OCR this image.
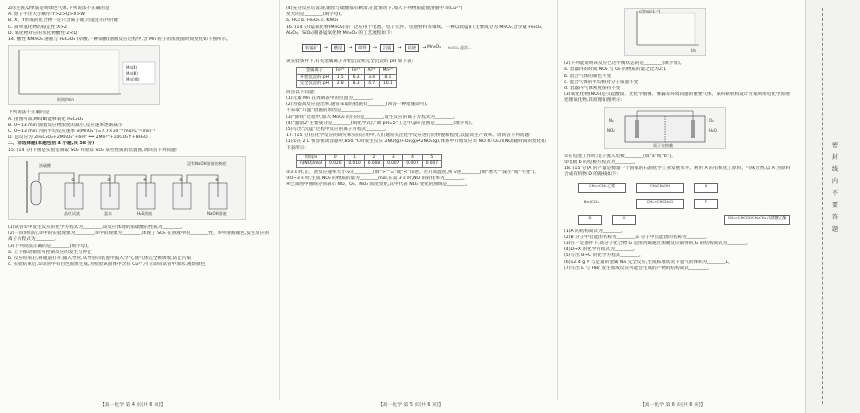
Z同主族,Q单质是黄绿色气体,下列说法不正确的是

A. 原子半径大小顺序:Y>Z>Q>X>W

B. X、Y形成的化合物一定只含离子键,可能还有共价键

C. 简单氢化物的稳定性:X>Z

D. 氧化物对应的水化物酸性:Z<Q

14. 酸性 KMnO₄ 溶液与 H₂C₂O₄ (草酸,一种弱酸)溶液反应过程中,含 Mn 粒子的浓度随时间变化如下图所示。

时间/min
Mn(Ⅱ)
Mn(Ⅲ)
Mn(Ⅶ)

下列说法不正确的是

A. 由图可知,Mn(Ⅲ)能够氧化 H₂C₂O₄

B. 0~13 min 随着反应物浓度的减小,反应速率逐渐减小

C. 0~13 min 内的平均反应速率 v(MnO₄⁻)=7.7×10⁻⁴ mol·L⁻¹·min⁻¹

D. 总反应为 2H₂C₂O₄+2MnO₄⁻+6H⁺ ══ 2Mn²⁺+10CO₂↑+8H₂O

二、非选择题(本题包括 4 小题,共 58 分)

15. (14 分)下图是实验室制取 SO₂ 并验证 SO₂ 某些性质的装置图,请回答下列问题:

浓硫酸
品红试液	氯水	H₂S溶液	NaOH溶液
②	③	④	⑤	⑥
浸有NaOH溶液的棉花

(1)试管①中发生反应的化学方程式为________,该反应体现的浓硫酸的性质为________。

(2)一段时间后,③中的实验现象为________,⑤中的现象为________,体现了 SO₂ 在溶液中的________性。⑤中溶液褪色,发生反应的离子方程式为________。

(3)下列说法正确的是________(填字母)。

a. 上下移动铜丝可控制反应的发生与停止

b. 反应结束后,将通道打开,插入导管,从导管向装置中鼓入空气,使气体完全被吸收,防止污染

c. 实验结束后,①试管中有白色固体生成,为检验该固体中含有 Cu²⁺,可立即向试管中加水,观察颜色

【高一化学 第 4 页(共 6 页)】

(4)充分反应后发现,铜丝与硫酸都有剩余,在此情况下,加入下列物质能使溶液中 n(Cu²⁺)

变大的是________(填字母)。

a. HCl b. Fe₂O₃ c. KNO₃

16. (14 分)锰氧化物(MnO₂)等广泛应用于电池、电子元件、电池材料等领域。一种以软锰矿(主要成分为 MnO₂,含少量 Fe₂O₃、Al₂O₃、SiO₂)制备锰氧化物 Mn₃O₄ 的工艺流程如下:

软锰矿	→	酸浸	→	除铁	→	沉锰	→	焙烧	→ Mn₃O₄ H₂SO₄ 滤渣…

该实验条件下,有关金属离子开始沉淀和完全沉淀的 pH 如下表:

金属离子	Fe³⁺	Fe²⁺	Al³⁺	Mn²⁺
开始沉淀的 pH	1.5	6.3	3.4	8.1
完全沉淀的 pH	2.8	8.3	4.7	10.1

回答以下问题:

(1)元素 Mn 在周期表中的位置为________。

(2)为提高反应浸出率,通常采取的措施有________(回答一种措施即可),

不采取“升温”措施的原因是________。

(3)“除铁”过程中,加入 MnO₂ 的目的是________,发生反应的离子方程式为________。

(4)“滤渣2”主要成分是________(填化学式),“调 pH=5”工艺中,pH 范围是________(填字母)。

(5)写出“沉锰”过程中反应的离子方程式________。

17. (15 分)在化学反应的研究和实际应用中,人们通常关注化学反应进行的快慢和程度,以提高生产效率。请回答下列问题:

(1)①在 2 L 恒容密闭容器中,850 ℃时发生反应 2NO(g)+O₂(g)⇌2NO₂(g),体系中开始反应有 NO 和 O₂,n(NO)随时间的变化如下表所示:

时间/s	0	1	2	3	4	5
n(NO)/mol	0.020	0.010	0.008	0.007	0.007	0.007

②3 s 时,正、逆反应速率大小:v正________(填“>”“=”或“<”)v逆。若升高温度,则 v逆________(填“增大”“减小”或“不变”)。

③0~3 s 时,生成 NO₂ 的物质的量为________mol,在第 3 s 时,NO 的转化率为________。

④已知图中曲线分别表示 NO、O₂、NO₂ 浓度变化,其中代表 NO₂ 变化的曲线是________。

【高一化学 第 5 页(共 6 页)】
c/(mol·L⁻¹)
t/s

(2)下列能说明该反应已达平衡状态的是________(填字母)。

a. 容器内的时间 NO₂ 与 O₂ 的物质的量之比为2:1

b. 混合气体的颜色不变

c. 混合气体的平均相对分子质量不变

d. 容器内气体密度保持不变

(3)氧化化物(NO₂)是引起酸雨、光化学烟雾、雾霾等环境问题的重要气体。某科研机构设计方案利用电化学原理处理氧化物,其原理如图所示:

NO₂	H₂O
N₂	O₂
质子交换膜

①在电池工作时,电子流入电极________(填“a”或“b”)。

②电极 b 的电极方程式为________。

18. (15 分)A 的产量是衡量一个国家的石油化学工业发展水平。利用 A 的有机化工原料、气味芳香,以 A 为原料合成有机物 D 的路线如下:

CH₂=CH₂ 乙烯	CH₃CH₂OH	X
CH₂=CHCH₂Cl	F
D	G	CH₂=CHCOOCH₂CH₃ 丙烯酸乙酯
Br₂/CCl₄

(1)A 的结构简式为________。

(2)B 分子中官能团名称为________,E 分子中官能团的名称为________。

(3)在一定条件下,高分子化合物 G 是由丙烯通过加聚反应制得的,G 的结构简式为________。

(4)D→X 的化学方程式为________。

(5)写出 B→C 的化学方程式________。

(6)12.4 g Y 与足量的金属 Na 完全反应,生成标准状况下氢气的体积为________L。

(7)写出 E 与 HBr 发生加成反应可能会生成的产物的结构简式________。

【高一化学 第 6 页(共 6 页)】
密 封 线 内 不 要 答 题
